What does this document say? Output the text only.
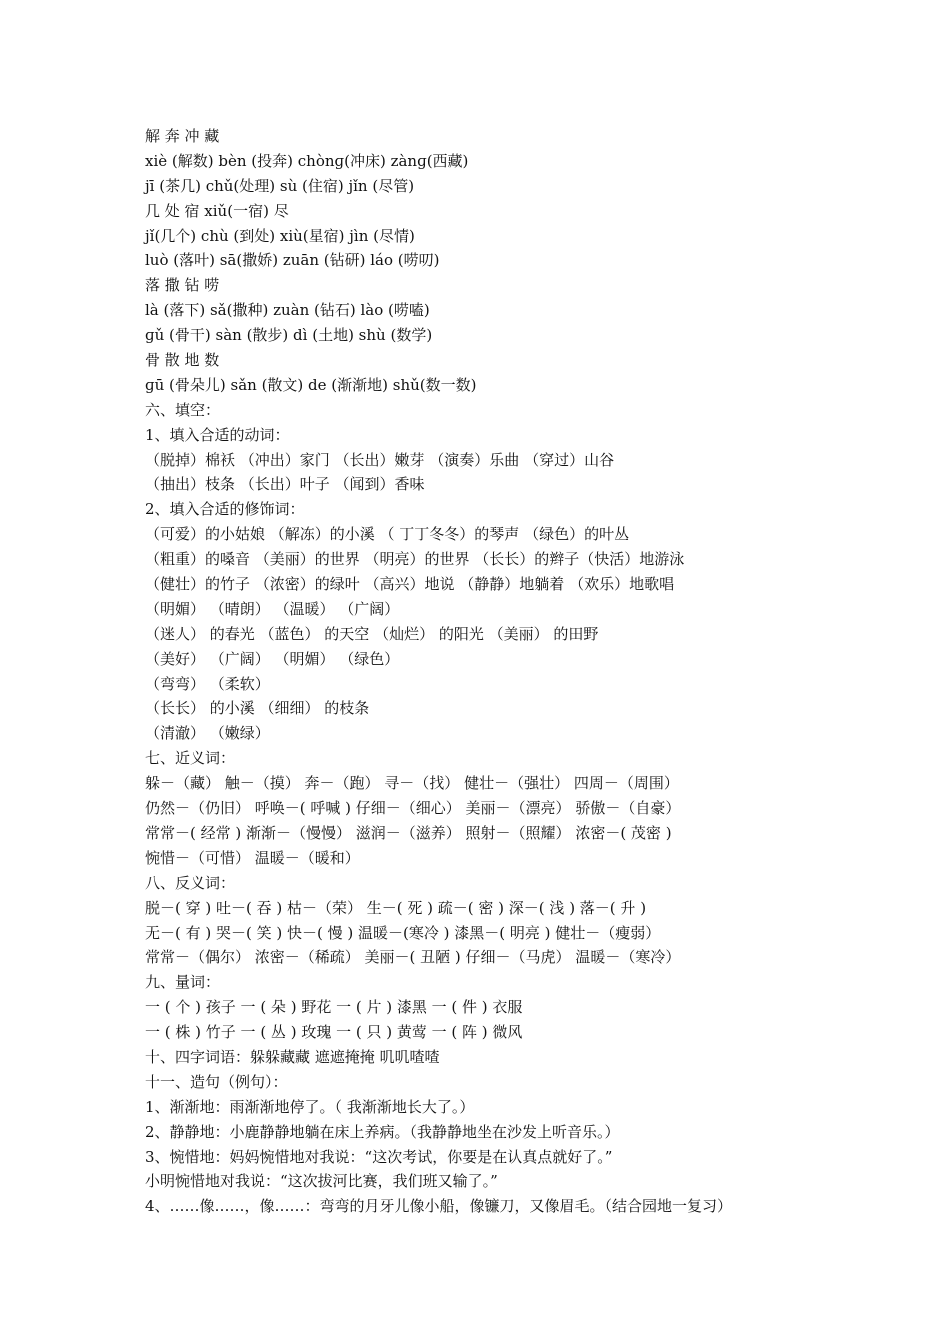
解 奔 冲 藏
xiè (解数) bèn (投奔) chònɡ(冲床) zànɡ(西藏)
jī (茶几) chǔ(处理) sù (住宿) jǐn (尽管)
几 处 宿 xiǔ(一宿) 尽
jǐ(几个) chù (到处) xiù(星宿) jìn (尽情)
luò (落叶) sā(撒娇) zuān (钻研) láo (唠叨)
落 撒 钻 唠
là (落下) sǎ(撒种) zuàn (钻石) lào (唠嗑)
ɡǔ (骨干) sàn (散步) dì (土地) shù (数学)
骨 散 地 数
ɡū (骨朵儿) sǎn (散文) de (渐渐地) shǔ(数一数)
六、填空：
1、填入合适的动词：
（脱掉）棉袄 （冲出）家门 （长出）嫩芽 （演奏）乐曲 （穿过）山谷
（抽出）枝条 （长出）叶子 （闻到）香味
2、填入合适的修饰词：
（可爱）的小姑娘 （解冻）的小溪 （ 丁丁冬冬）的琴声 （绿色）的叶丛
（粗重）的嗓音 （美丽）的世界 （明亮）的世界 （长长）的辫子（快活）地游泳
（健壮）的竹子 （浓密）的绿叶 （高兴）地说 （静静）地躺着 （欢乐）地歌唱
（明媚） （晴朗） （温暖） （广阔）
（迷人） 的春光 （蓝色） 的天空 （灿烂） 的阳光 （美丽） 的田野
（美好） （广阔） （明媚） （绿色）
（弯弯） （柔软）
（长长） 的小溪 （细细） 的枝条
（清澈） （嫩绿）
七、近义词：
躲－（藏） 触－（摸） 奔－（跑） 寻－（找） 健壮－（强壮） 四周－（周围）
仍然－（仍旧） 呼唤－( 呼喊 ) 仔细－（细心） 美丽－（漂亮） 骄傲－（自豪）
常常－( 经常 ) 渐渐－（慢慢） 滋润－（滋养） 照射－（照耀） 浓密－( 茂密 )
惋惜－（可惜） 温暖－（暖和）
八、反义词：
脱－( 穿 ) 吐－( 吞 ) 枯－（荣） 生－( 死 ) 疏－( 密 ) 深－( 浅 ) 落－( 升 )
无－( 有 ) 哭－( 笑 ) 快－( 慢 ) 温暖－(寒冷 ) 漆黑－( 明亮 ) 健壮－（瘦弱）
常常－（偶尔） 浓密－（稀疏） 美丽－( 丑陋 ) 仔细－（马虎） 温暖－（寒冷）
九、量词：
一 ( 个 ) 孩子 一 ( 朵 ) 野花 一 ( 片 ) 漆黑 一 ( 件 ) 衣服
一 ( 株 ) 竹子 一 ( 丛 ) 玫瑰 一 ( 只 ) 黄莺 一 ( 阵 ) 微风
十、四字词语：躲躲藏藏 遮遮掩掩 叽叽喳喳
十一、造句（例句）：
1、渐渐地：雨渐渐地停了。（ 我渐渐地长大了。）
2、静静地：小鹿静静地躺在床上养病。（我静静地坐在沙发上听音乐。）
3、惋惜地：妈妈惋惜地对我说：“这次考试，你要是在认真点就好了。”
小明惋惜地对我说：“这次拔河比赛，我们班又输了。”
4、……像……，像……：弯弯的月牙儿像小船，像镰刀，又像眉毛。（结合园地一复习）
